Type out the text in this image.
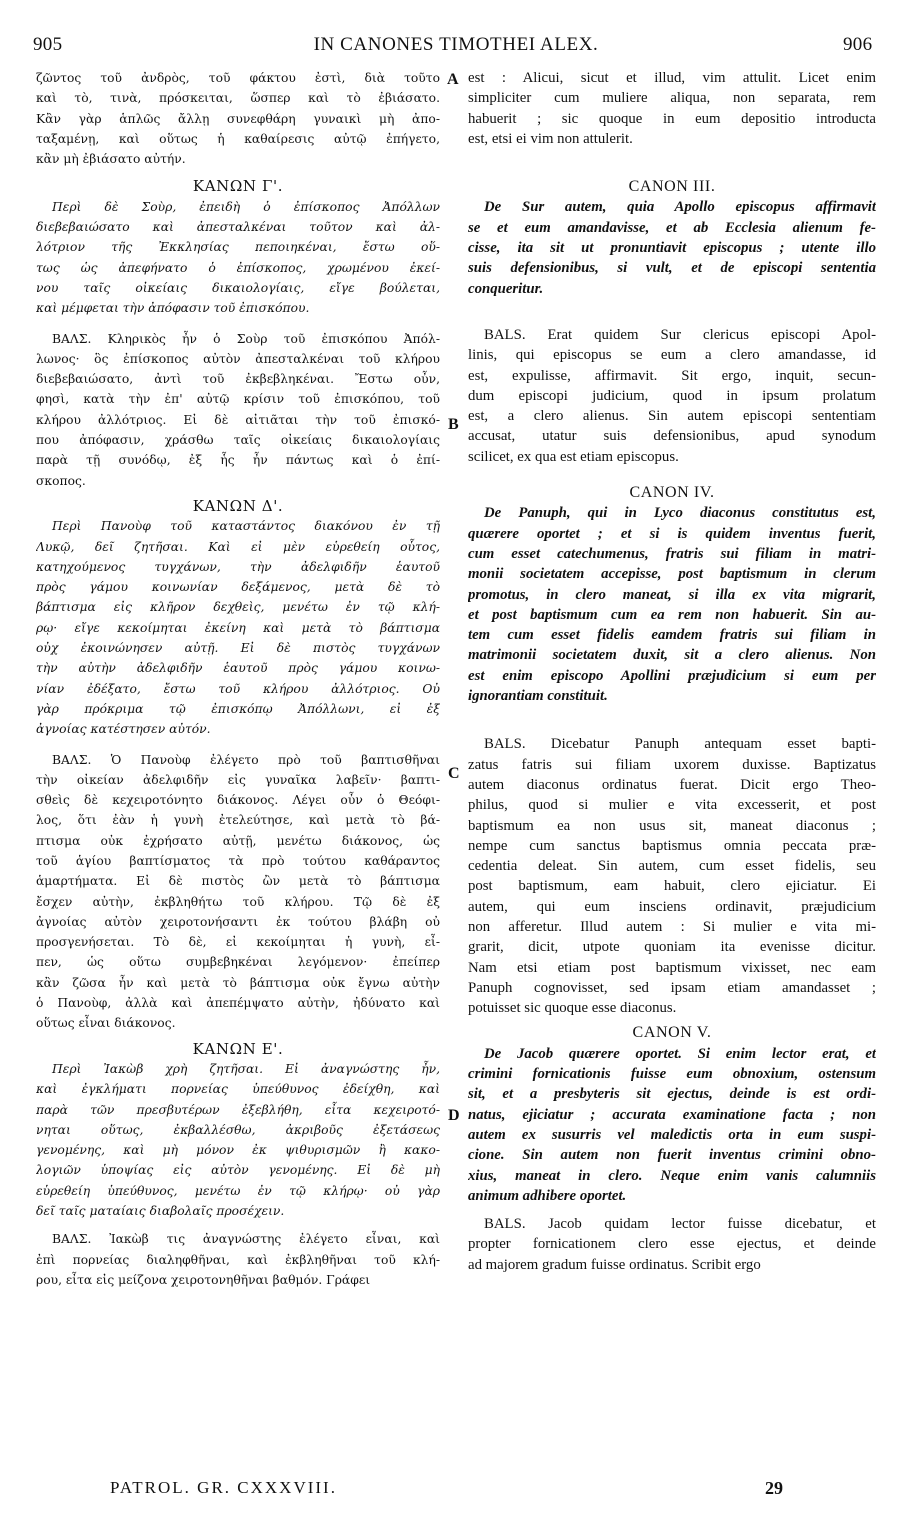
905	IN CANONES TIMOTHEI ALEX.	906
A
B
C
D
ζῶντος τοῦ ἀνδρὸς, τοῦ φάκτου ἐστὶ, διὰ τοῦτο
καὶ τὸ, τινὰ, πρόσκειται, ὥσπερ καὶ τὸ ἐβιάσατο.
Κἂν γὰρ ἁπλῶς ἄλλῃ συνεφθάρη γυναικὶ μὴ ἀπο-
ταξαμένῃ, καὶ οὕτως ἡ καθαίρεσις αὐτῷ ἐπήγετο,
κἂν μὴ ἐβιάσατο αὐτήν.
ΚΑΝΩΝ Γ'.
Περὶ δὲ Σοὺρ, ἐπειδὴ ὁ ἐπίσκοπος Ἀπόλλων
διεβεβαιώσατο καὶ ἀπεσταλκέναι τοῦτον καὶ ἀλ-
λότριον τῆς Ἐκκλησίας πεποιηκέναι, ἔστω οὕ-
τως ὡς ἀπεφήνατο ὁ ἐπίσκοπος, χρωμένου ἐκεί-
νου ταῖς οἰκείαις δικαιολογίαις, εἴγε βούλεται,
καὶ μέμφεται τὴν ἀπόφασιν τοῦ ἐπισκόπου.
ΒΑΛΣ. Κληρικὸς ἦν ὁ Σοὺρ τοῦ ἐπισκόπου Ἀπόλ-
λωνος· ὃς ἐπίσκοπος αὐτὸν ἀπεσταλκέναι τοῦ κλήρου
διεβεβαιώσατο, ἀντὶ τοῦ ἐκβεβληκέναι. Ἔστω οὖν,
φησὶ, κατὰ τὴν ἐπ' αὐτῷ κρίσιν τοῦ ἐπισκόπου, τοῦ
κλήρου ἀλλότριος. Εἰ δὲ αἰτιᾶται τὴν τοῦ ἐπισκό-
που ἀπόφασιν, χράσθω ταῖς οἰκείαις δικαιολογίαις
παρὰ τῇ συνόδῳ, ἐξ ἧς ἦν πάντως καὶ ὁ ἐπί-
σκοπος.
ΚΑΝΩΝ Δ'.
Περὶ Πανοὺφ τοῦ καταστάντος διακόνου ἐν τῇ
Λυκῷ, δεῖ ζητῆσαι. Καὶ εἰ μὲν εὑρεθείη οὗτος,
κατηχούμενος τυγχάνων, τὴν ἀδελφιδῆν ἑαυτοῦ
πρὸς γάμου κοινωνίαν δεξάμενος, μετὰ δὲ τὸ
βάπτισμα εἰς κλῆρον δεχθεὶς, μενέτω ἐν τῷ κλή-
ρῳ· εἴγε κεκοίμηται ἐκείνη καὶ μετὰ τὸ βάπτισμα
οὐχ ἐκοινώνησεν αὐτῇ. Εἰ δὲ πιστὸς τυγχάνων
τὴν αὐτὴν ἀδελφιδῆν ἑαυτοῦ πρὸς γάμου κοινω-
νίαν ἐδέξατο, ἔστω τοῦ κλήρου ἀλλότριος. Οὐ
γὰρ πρόκριμα τῷ ἐπισκόπῳ Ἀπόλλωνι, εἰ ἐξ
ἀγνοίας κατέστησεν αὐτόν.
ΒΑΛΣ. Ὁ Πανοὺφ ἐλέγετο πρὸ τοῦ βαπτισθῆναι
τὴν οἰκείαν ἀδελφιδῆν εἰς γυναῖκα λαβεῖν· βαπτι-
σθεὶς δὲ κεχειροτόνητο διάκονος. Λέγει οὖν ὁ Θεόφι-
λος, ὅτι ἐὰν ἡ γυνὴ ἐτελεύτησε, καὶ μετὰ τὸ βά-
πτισμα οὐκ ἐχρήσατο αὐτῇ, μενέτω διάκονος, ὡς
τοῦ ἁγίου βαπτίσματος τὰ πρὸ τούτου καθάραντος
ἁμαρτήματα. Εἰ δὲ πιστὸς ὢν μετὰ τὸ βάπτισμα
ἔσχεν αὐτὴν, ἐκβληθήτω τοῦ κλήρου. Τῷ δὲ ἐξ
ἀγνοίας αὐτὸν χειροτονήσαντι ἐκ τούτου βλάβη οὐ
προσγενήσεται. Τὸ δὲ, εἰ κεκοίμηται ἡ γυνὴ, εἶ-
πεν, ὡς οὕτω συμβεβηκέναι λεγόμενον· ἐπείπερ
κἂν ζῶσα ἦν καὶ μετὰ τὸ βάπτισμα οὐκ ἔγνω αὐτὴν
ὁ Πανοὺφ, ἀλλὰ καὶ ἀπεπέμψατο αὐτὴν, ἠδύνατο καὶ
οὕτως εἶναι διάκονος.
ΚΑΝΩΝ Ε'.
Περὶ Ἰακὼβ χρὴ ζητῆσαι. Εἰ ἀναγνώστης ἦν,
καὶ ἐγκλήματι πορνείας ὑπεύθυνος ἐδείχθη, καὶ
παρὰ τῶν πρεσβυτέρων ἐξεβλήθη, εἶτα κεχειροτό-
νηται οὕτως, ἐκβαλλέσθω, ἀκριβοῦς ἐξετάσεως
γενομένης, καὶ μὴ μόνον ἐκ ψιθυρισμῶν ἢ κακο-
λογιῶν ὑποψίας εἰς αὐτὸν γενομένης. Εἰ δὲ μὴ
εὑρεθείη ὑπεύθυνος, μενέτω ἐν τῷ κλήρῳ· οὐ γὰρ
δεῖ ταῖς ματαίαις διαβολαῖς προσέχειν.
ΒΑΛΣ. Ἰακὼβ τις ἀναγνώστης ἐλέγετο εἶναι, καὶ
ἐπὶ πορνείας διαληφθῆναι, καὶ ἐκβληθῆναι τοῦ κλή-
ρου, εἶτα εἰς μείζονα χειροτονηθῆναι βαθμόν. Γράφει
est : Alicui, sicut et illud, vim attulit. Licet enim
simpliciter cum muliere aliqua, non separata, rem
habuerit ; sic quoque in eum depositio introducta
est, etsi ei vim non attulerit.
CANON III.
De Sur autem, quia Apollo episcopus affirmavit
se et eum amandavisse, et ab Ecclesia alienum fe-
cisse, ita sit ut pronuntiavit episcopus ; utente illo
suis defensionibus, si vult, et de episcopi sententia
conqueritur.
BALS. Erat quidem Sur clericus episcopi Apol-
linis, qui episcopus se eum a clero amandasse, id
est, expulisse, affirmavit. Sit ergo, inquit, secun-
dum episcopi judicium, quod in ipsum prolatum
est, a clero alienus. Sin autem episcopi sententiam
accusat, utatur suis defensionibus, apud synodum
scilicet, ex qua est etiam episcopus.
CANON IV.
De Panuph, qui in Lyco diaconus constitutus est,
quærere oportet ; et si is quidem inventus fuerit,
cum esset catechumenus, fratris sui filiam in matri-
monii societatem accepisse, post baptismum in clerum
promotus, in clero maneat, si illa ex vita migrarit,
et post baptismum cum ea rem non habuerit. Sin au-
tem cum esset fidelis eamdem fratris sui filiam in
matrimonii societatem duxit, sit a clero alienus. Non
est enim episcopo Apollini præjudicium si eum per
ignorantiam constituit.
BALS. Dicebatur Panuph antequam esset bapti-
zatus fatris sui filiam uxorem duxisse. Baptizatus
autem diaconus ordinatus fuerat. Dicit ergo Theo-
philus, quod si mulier e vita excesserit, et post
baptismum ea non usus sit, maneat diaconus ;
nempe cum sanctus baptismus omnia peccata præ-
cedentia deleat. Sin autem, cum esset fidelis, seu
post baptismum, eam habuit, clero ejiciatur. Ei
autem, qui eum insciens ordinavit, præjudicium
non afferetur. Illud autem : Si mulier e vita mi-
grarit, dicit, utpote quoniam ita evenisse dicitur.
Nam etsi etiam post baptismum vixisset, nec eam
Panuph cognovisset, sed ipsam etiam amandasset ;
potuisset sic quoque esse diaconus.
CANON V.
De Jacob quærere oportet. Si enim lector erat, et
crimini fornicationis fuisse eum obnoxium, ostensum
sit, et a presbyteris sit ejectus, deinde is est ordi-
natus, ejiciatur ; accurata examinatione facta ; non
autem ex susurris vel maledictis orta in eum suspi-
cione. Sin autem non fuerit inventus crimini obno-
xius, maneat in clero. Neque enim vanis calumniis
animum adhibere oportet.
BALS. Jacob quidam lector fuisse dicebatur, et
propter fornicationem clero esse ejectus, et deinde
ad majorem gradum fuisse ordinatus. Scribit ergo
PATROL. GR. CXXXVIII.	29
